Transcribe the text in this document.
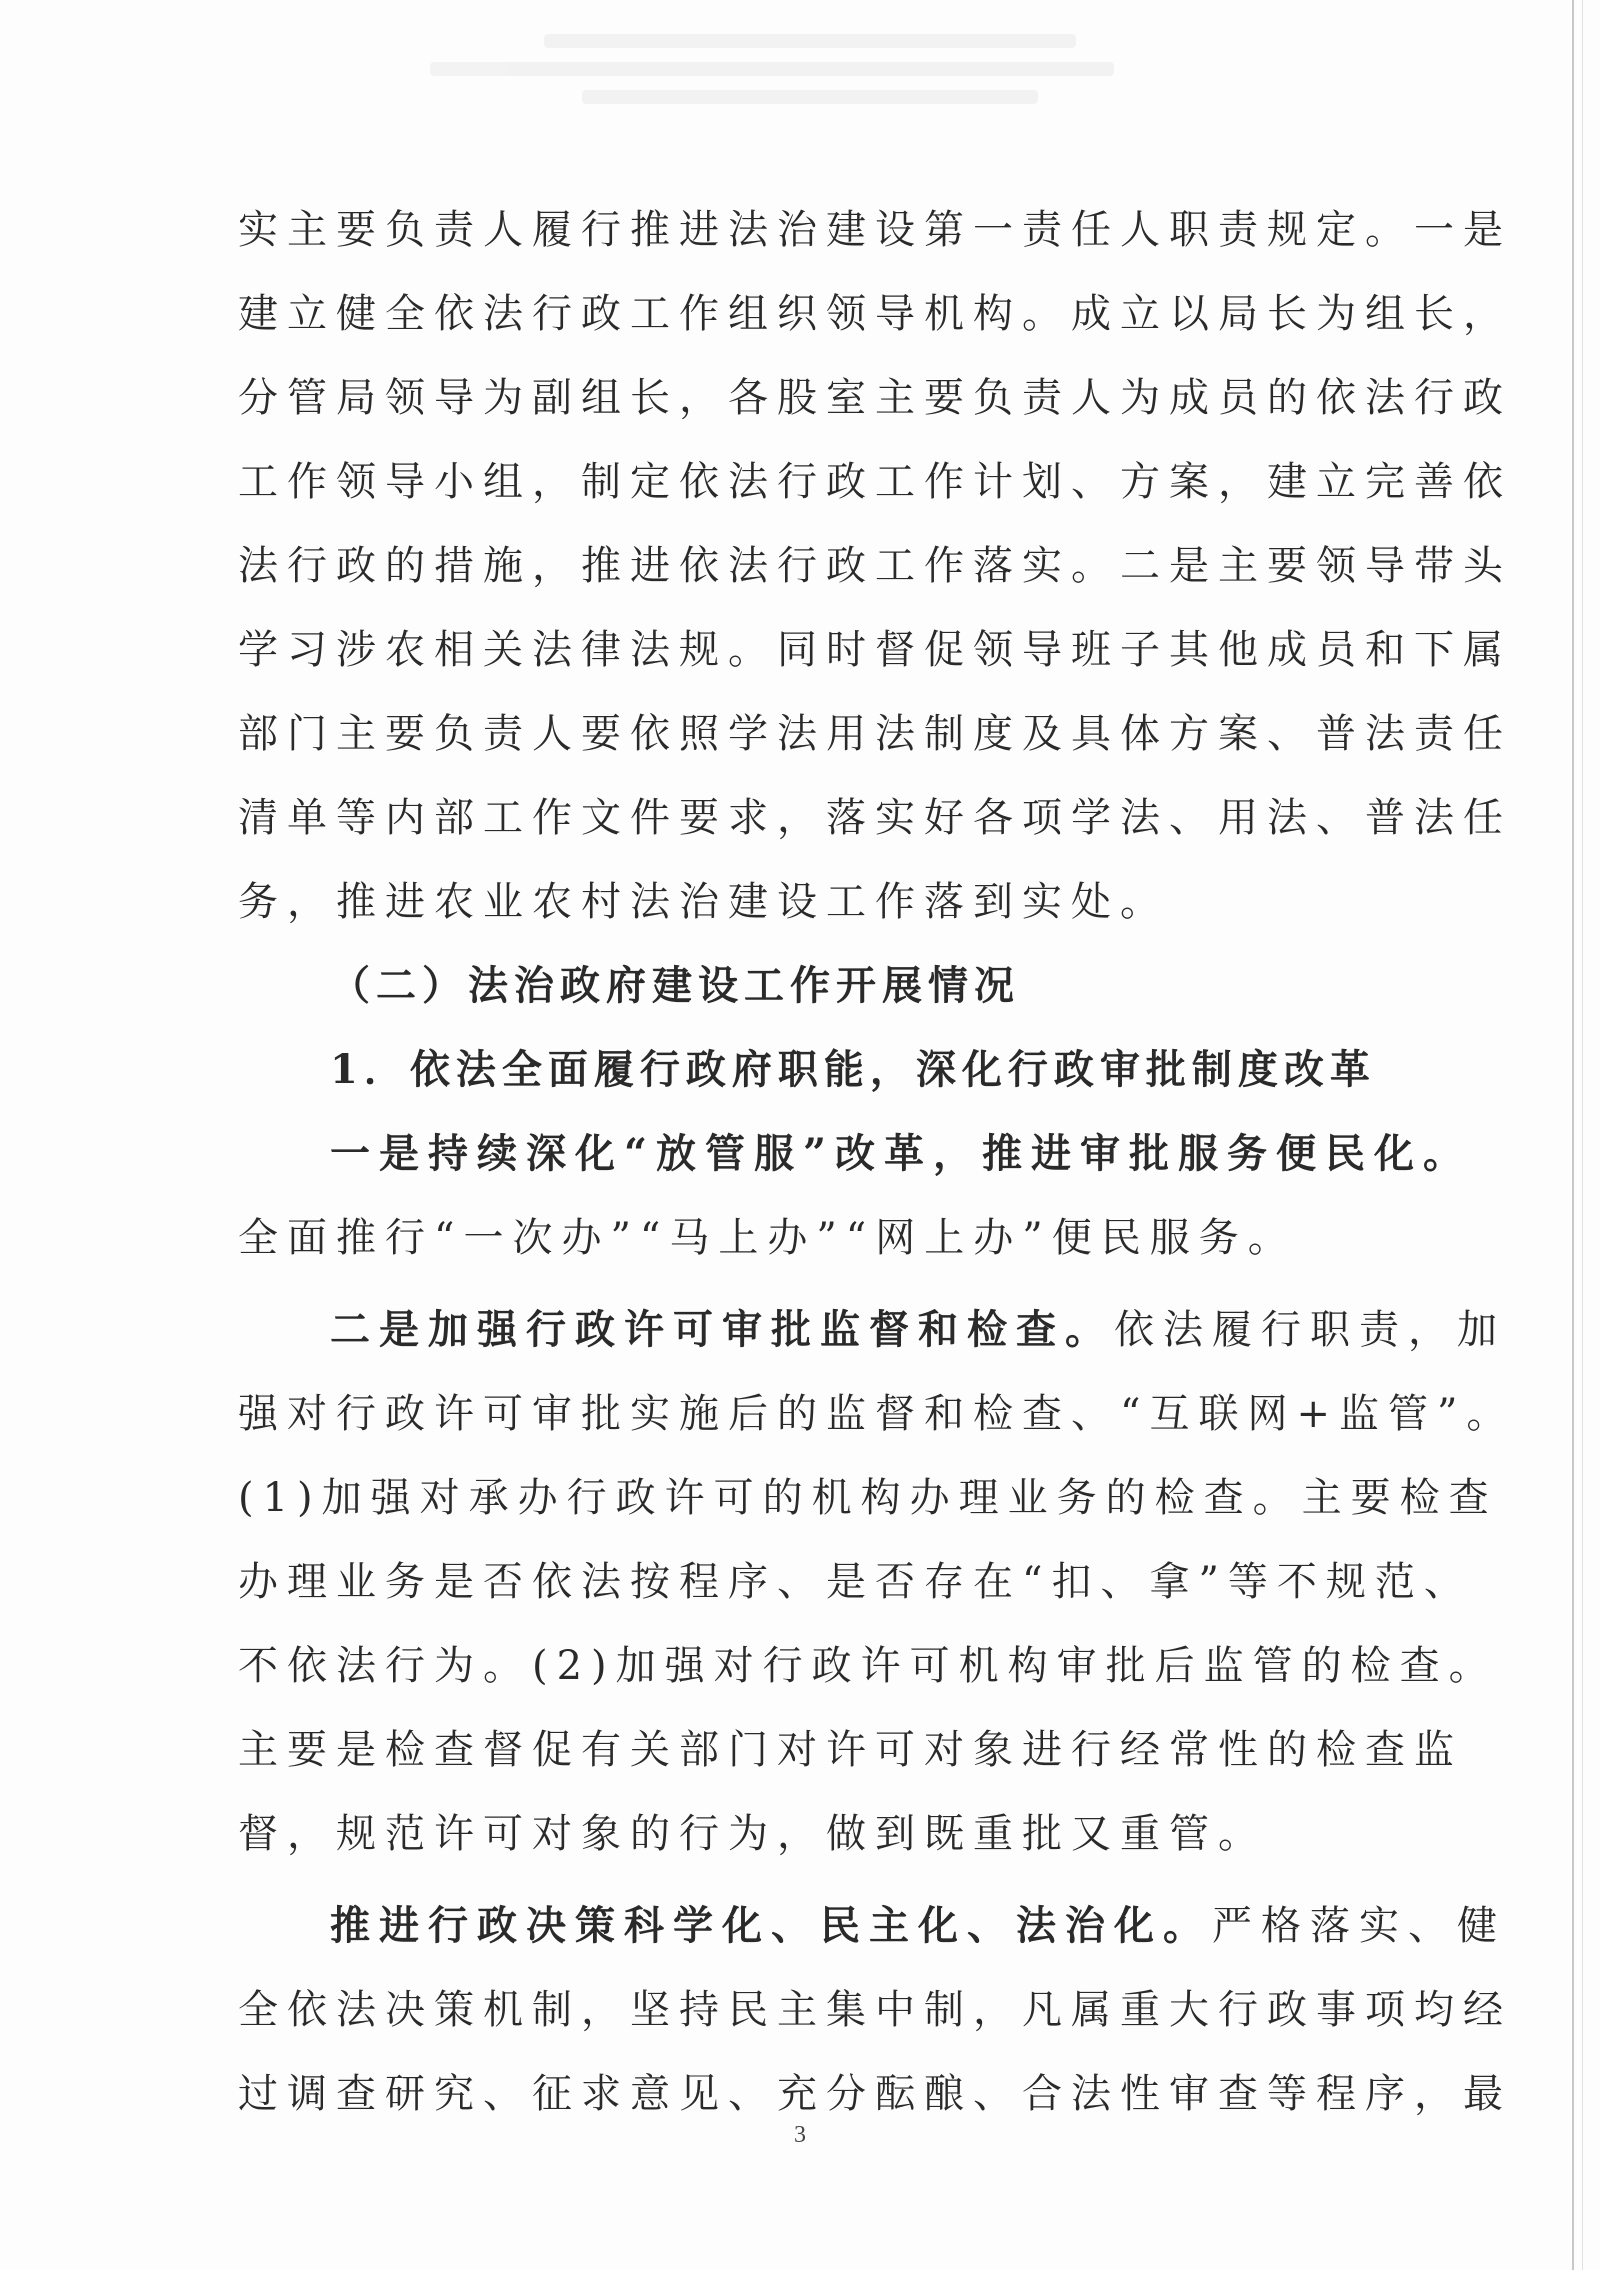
实主要负责人履行推进法治建设第一责任人职责规定。一是
建立健全依法行政工作组织领导机构。成立以局长为组长，
分管局领导为副组长，各股室主要负责人为成员的依法行政
工作领导小组，制定依法行政工作计划、方案，建立完善依
法行政的措施，推进依法行政工作落实。二是主要领导带头
学习涉农相关法律法规。同时督促领导班子其他成员和下属
部门主要负责人要依照学法用法制度及具体方案、普法责任
清单等内部工作文件要求，落实好各项学法、用法、普法任
务，推进农业农村法治建设工作落到实处。
（二）法治政府建设工作开展情况
1．依法全面履行政府职能，深化行政审批制度改革
一是持续深化“放管服”改革，推进审批服务便民化。
全面推行“一次办”“马上办”“网上办”便民服务。
二是加强行政许可审批监督和检查。依法履行职责，加
强对行政许可审批实施后的监督和检查、“互联网+监管”。
(1)加强对承办行政许可的机构办理业务的检查。主要检查
办理业务是否依法按程序、是否存在“扣、拿”等不规范、
不依法行为。(2)加强对行政许可机构审批后监管的检查。
主要是检查督促有关部门对许可对象进行经常性的检查监
督，规范许可对象的行为，做到既重批又重管。
推进行政决策科学化、民主化、法治化。严格落实、健
全依法决策机制，坚持民主集中制，凡属重大行政事项均经
过调查研究、征求意见、充分酝酿、合法性审查等程序，最
3
